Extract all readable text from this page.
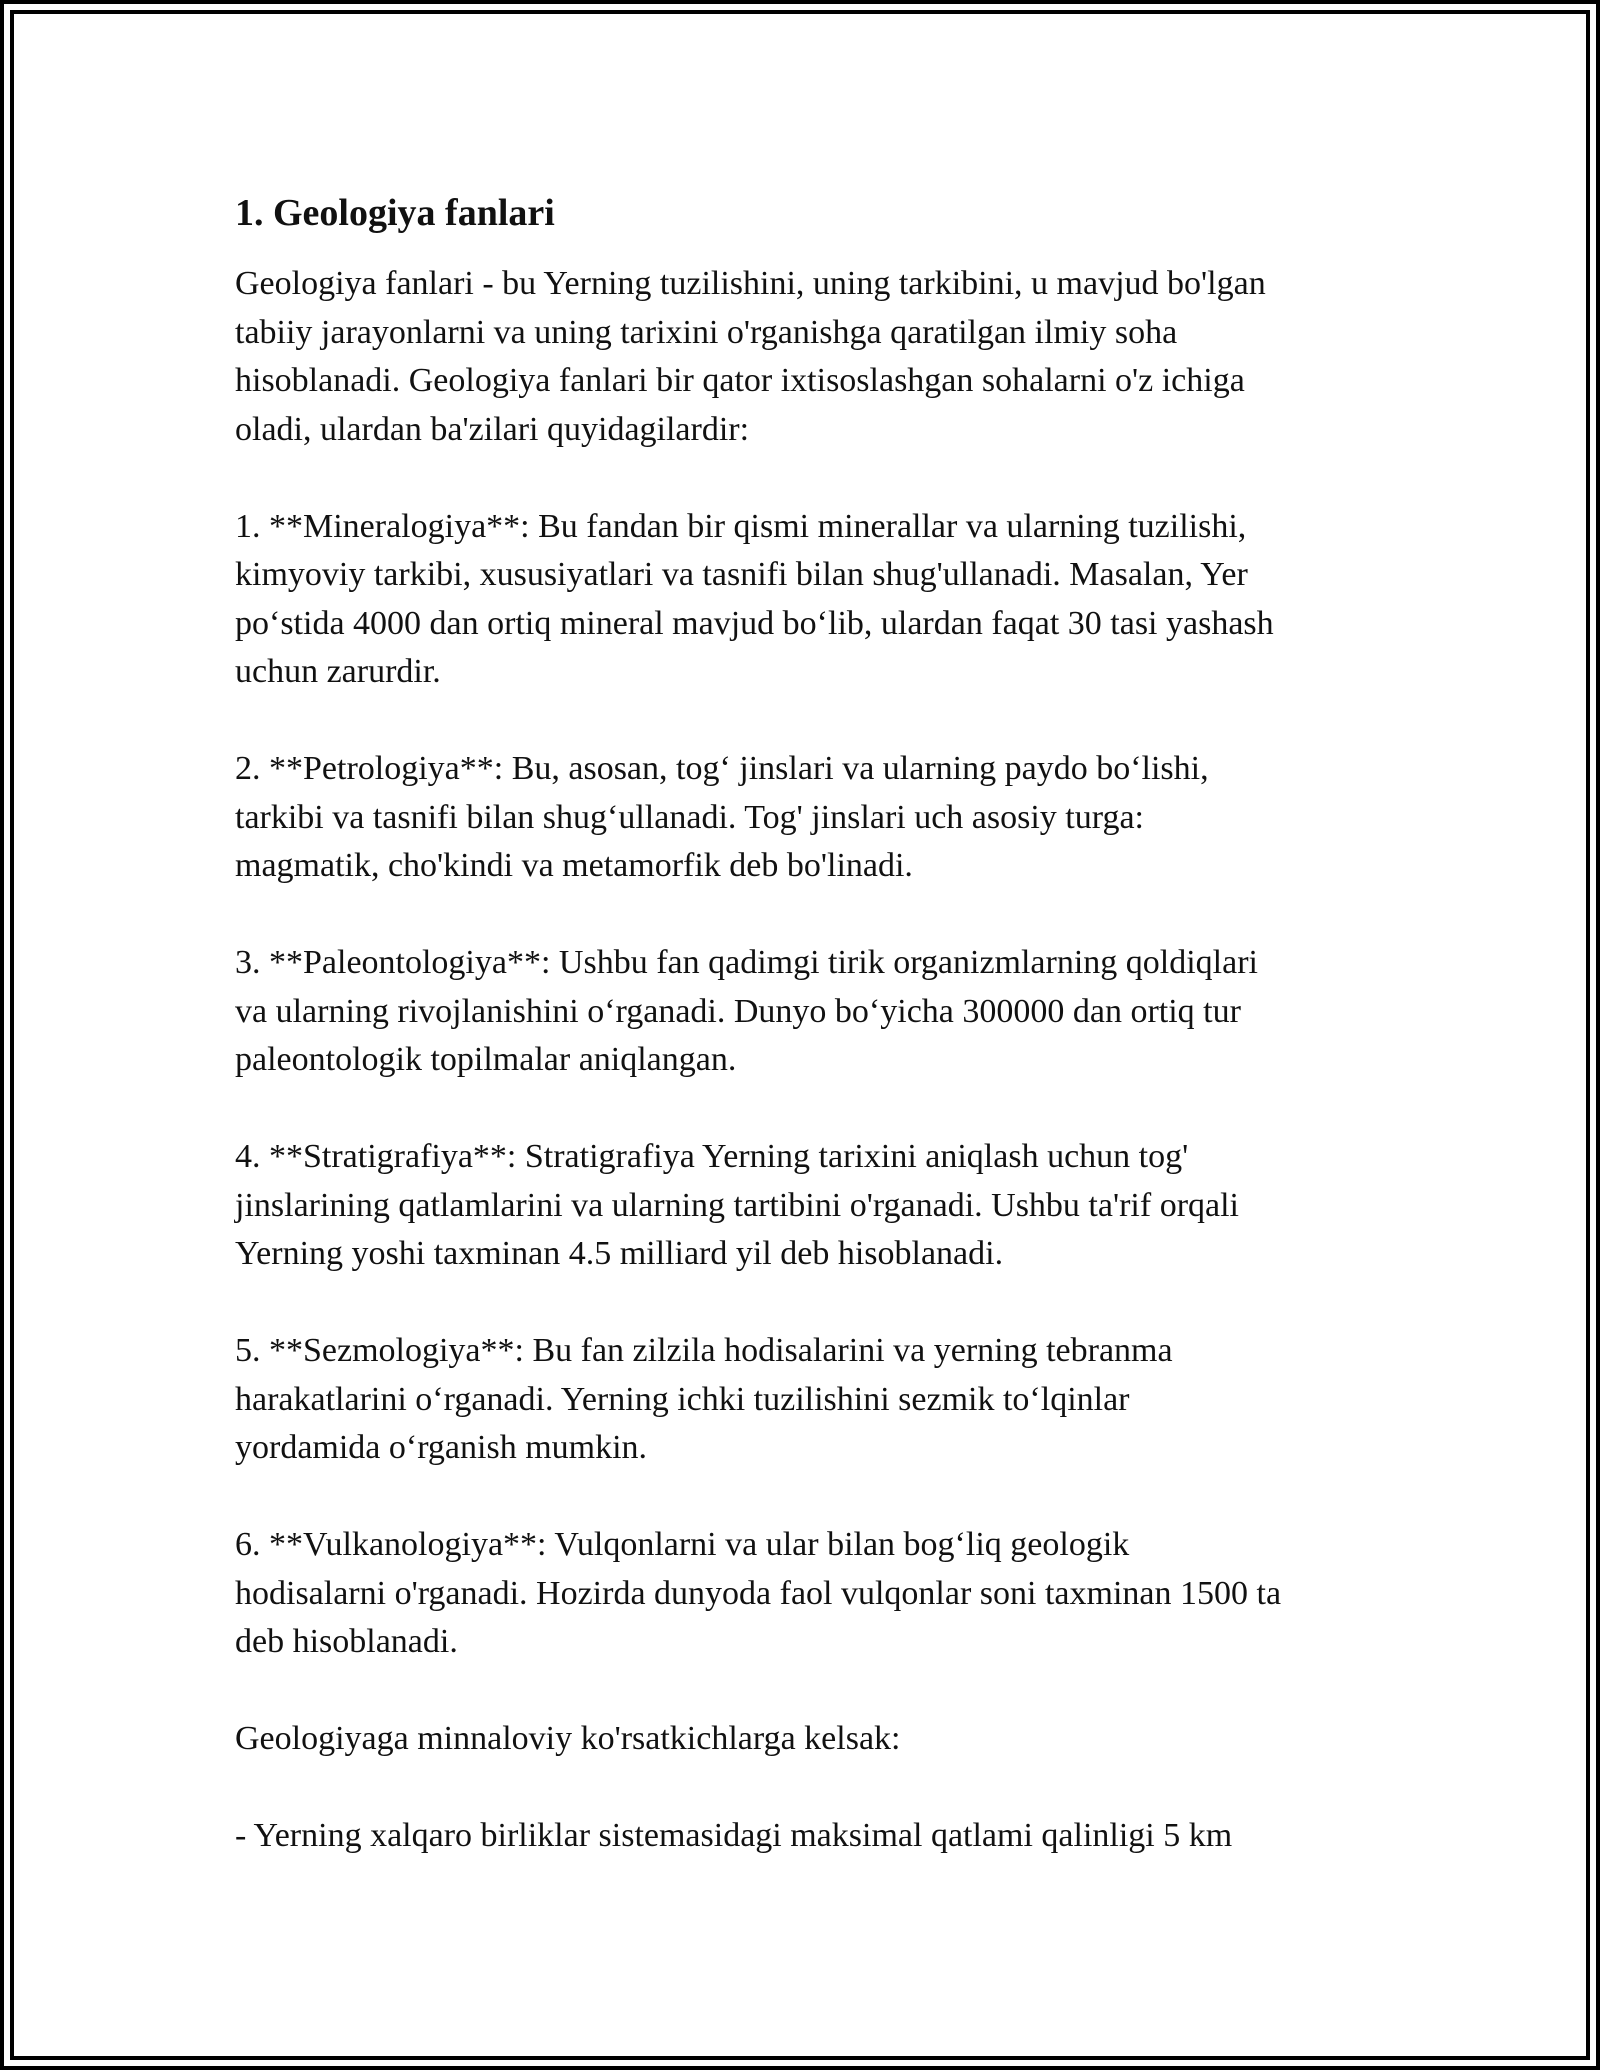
1. Geologiya fanlari

Geologiya fanlari - bu Yerning tuzilishini, uning tarkibini, u mavjud bo'lgan
tabiiy jarayonlarni va uning tarixini o'rganishga qaratilgan ilmiy soha
hisoblanadi. Geologiya fanlari bir qator ixtisoslashgan sohalarni o'z ichiga
oladi, ulardan ba'zilari quyidagilardir:

1. **Mineralogiya**: Bu fandan bir qismi minerallar va ularning tuzilishi,
kimyoviy tarkibi, xususiyatlari va tasnifi bilan shug'ullanadi. Masalan, Yer
po‘stida 4000 dan ortiq mineral mavjud bo‘lib, ulardan faqat 30 tasi yashash
uchun zarurdir.

2. **Petrologiya**: Bu, asosan, tog‘ jinslari va ularning paydo bo‘lishi,
tarkibi va tasnifi bilan shug‘ullanadi. Tog' jinslari uch asosiy turga:
magmatik, cho'kindi va metamorfik deb bo'linadi.

3. **Paleontologiya**: Ushbu fan qadimgi tirik organizmlarning qoldiqlari
va ularning rivojlanishini o‘rganadi. Dunyo bo‘yicha 300000 dan ortiq tur
paleontologik topilmalar aniqlangan.

4. **Stratigrafiya**: Stratigrafiya Yerning tarixini aniqlash uchun tog'
jinslarining qatlamlarini va ularning tartibini o'rganadi. Ushbu ta'rif orqali
Yerning yoshi taxminan 4.5 milliard yil deb hisoblanadi.

5. **Sezmologiya**: Bu fan zilzila hodisalarini va yerning tebranma
harakatlarini o‘rganadi. Yerning ichki tuzilishini sezmik to‘lqinlar
yordamida o‘rganish mumkin.

6. **Vulkanologiya**: Vulqonlarni va ular bilan bog‘liq geologik
hodisalarni o'rganadi. Hozirda dunyoda faol vulqonlar soni taxminan 1500 ta
deb hisoblanadi.

Geologiyaga minnaloviy ko'rsatkichlarga kelsak:

- Yerning xalqaro birliklar sistemasidagi maksimal qatlami qalinligi 5 km
